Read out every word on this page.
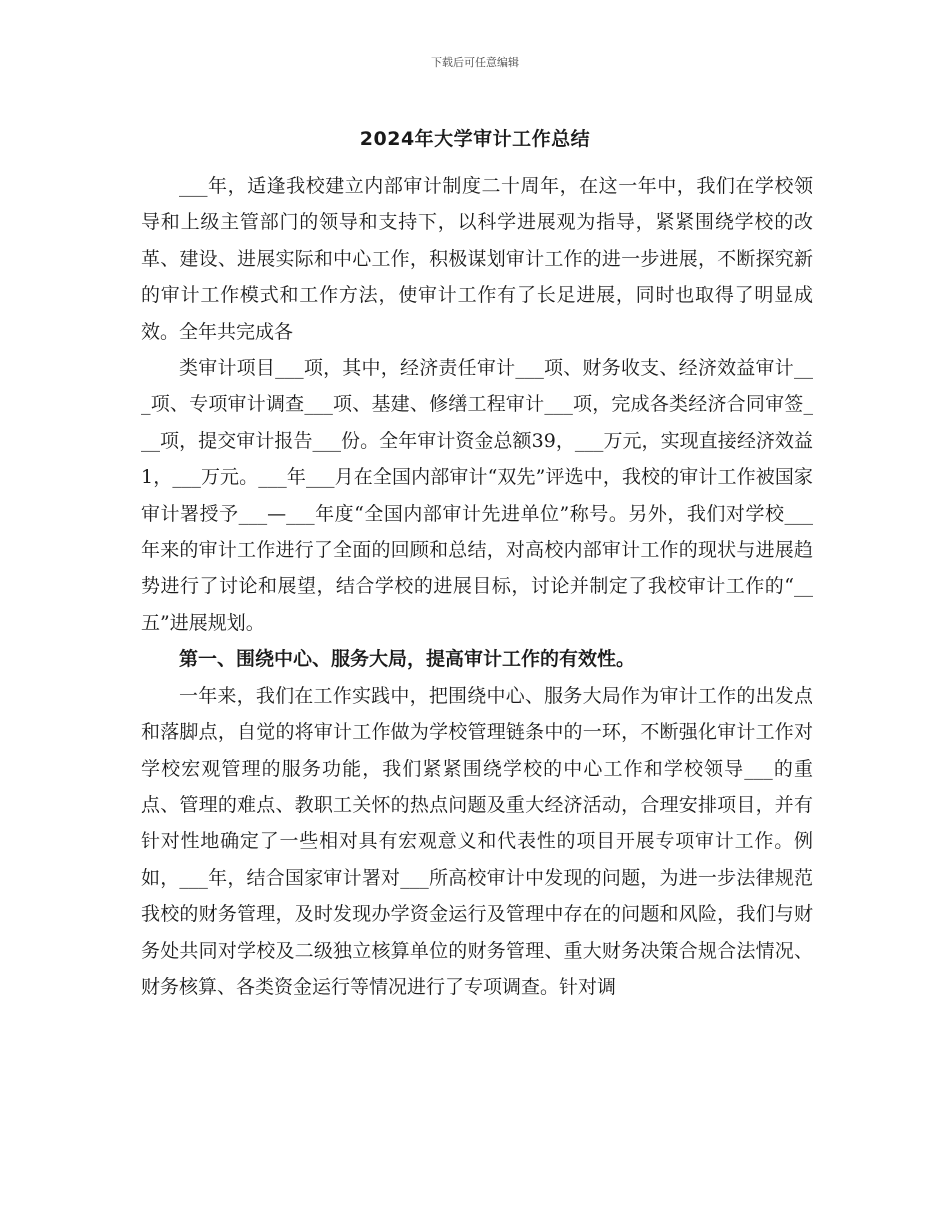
下载后可任意编辑
2024年大学审计工作总结

___年，适逢我校建立内部审计制度二十周年，在这一年中，我们在学校领导和上级主管部门的领导和支持下，以科学进展观为指导，紧紧围绕学校的改革、建设、进展实际和中心工作，积极谋划审计工作的进一步进展，不断探究新的审计工作模式和工作方法，使审计工作有了长足进展，同时也取得了明显成效。全年共完成各

类审计项目___项，其中，经济责任审计___项、财务收支、经济效益审计___项、专项审计调查___项、基建、修缮工程审计___项，完成各类经济合同审签___项，提交审计报告___份。全年审计资金总额39，___万元，实现直接经济效益1，___万元。___年___月在全国内部审计“双先”评选中，我校的审计工作被国家审计署授予___—___年度“全国内部审计先进单位”称号。另外，我们对学校___年来的审计工作进行了全面的回顾和总结，对高校内部审计工作的现状与进展趋势进行了讨论和展望，结合学校的进展目标，讨论并制定了我校审计工作的“__五”进展规划。

第一、围绕中心、服务大局，提高审计工作的有效性。

一年来，我们在工作实践中，把围绕中心、服务大局作为审计工作的出发点和落脚点，自觉的将审计工作做为学校管理链条中的一环，不断强化审计工作对学校宏观管理的服务功能，我们紧紧围绕学校的中心工作和学校领导___的重点、管理的难点、教职工关怀的热点问题及重大经济活动，合理安排项目，并有针对性地确定了一些相对具有宏观意义和代表性的项目开展专项审计工作。例如，___年，结合国家审计署对___所高校审计中发现的问题，为进一步法律规范我校的财务管理，及时发现办学资金运行及管理中存在的问题和风险，我们与财务处共同对学校及二级独立核算单位的财务管理、重大财务决策合规合法情况、财务核算、各类资金运行等情况进行了专项调查。针对调
